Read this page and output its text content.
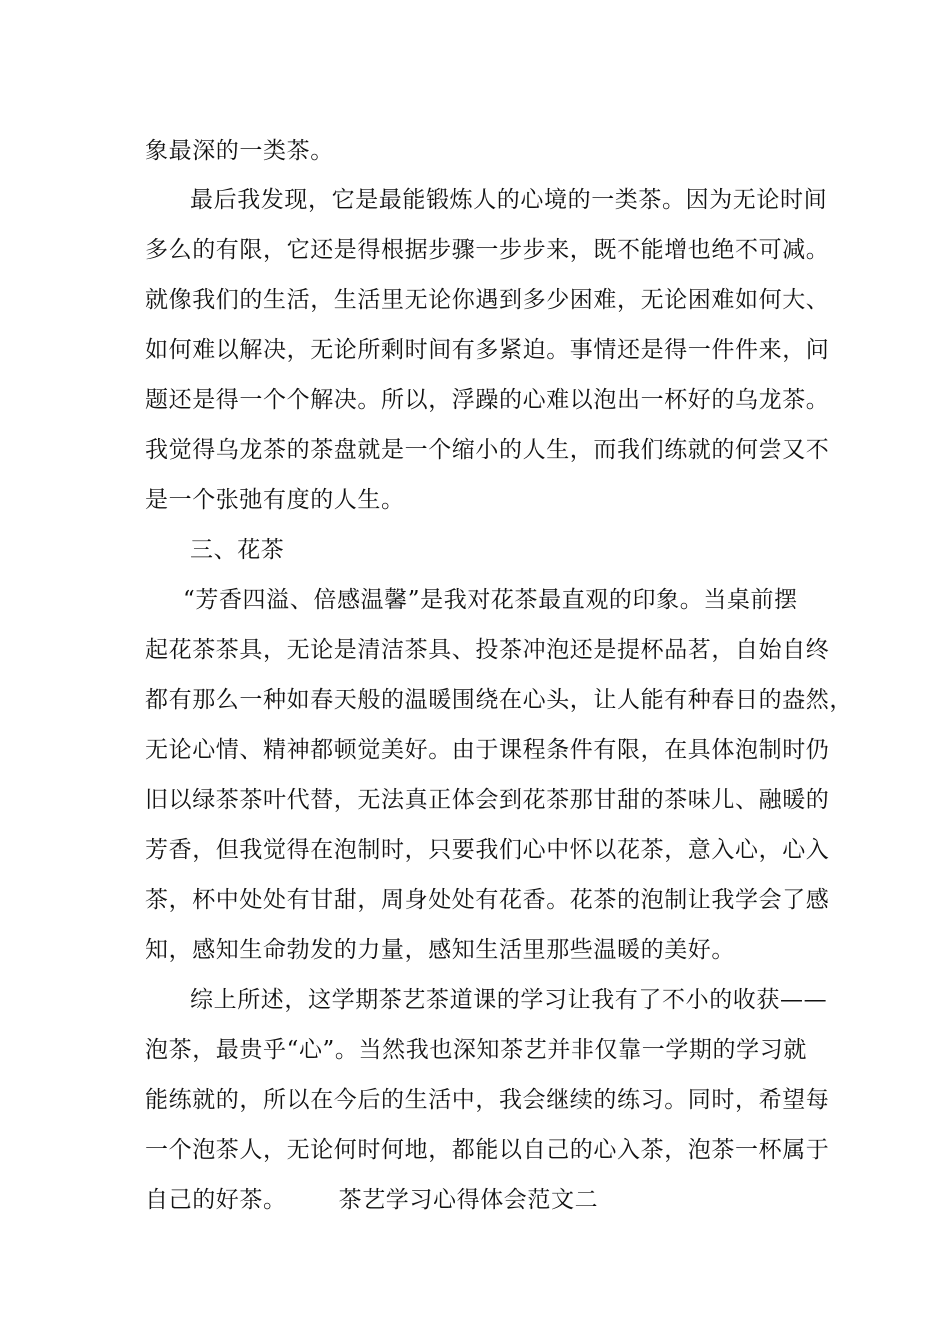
象最深的一类茶。
最后我发现，它是最能锻炼人的心境的一类茶。因为无论时间
多么的有限，它还是得根据步骤一步步来，既不能增也绝不可减。
就像我们的生活，生活里无论你遇到多少困难，无论困难如何大、
如何难以解决，无论所剩时间有多紧迫。事情还是得一件件来，问
题还是得一个个解决。所以，浮躁的心难以泡出一杯好的乌龙茶。
我觉得乌龙茶的茶盘就是一个缩小的人生，而我们练就的何尝又不
是一个张弛有度的人生。
三、花茶
“芳香四溢、倍感温馨”是我对花茶最直观的印象。当桌前摆
起花茶茶具，无论是清洁茶具、投茶冲泡还是提杯品茗，自始自终
都有那么一种如春天般的温暖围绕在心头，让人能有种春日的盎然，
无论心情、精神都顿觉美好。由于课程条件有限，在具体泡制时仍
旧以绿茶茶叶代替，无法真正体会到花茶那甘甜的茶味儿、融暖的
芳香，但我觉得在泡制时，只要我们心中怀以花茶，意入心，心入
茶，杯中处处有甘甜，周身处处有花香。花茶的泡制让我学会了感
知，感知生命勃发的力量，感知生活里那些温暖的美好。
综上所述，这学期茶艺茶道课的学习让我有了不小的收获——
泡茶，最贵乎“心”。当然我也深知茶艺并非仅靠一学期的学习就
能练就的，所以在今后的生活中，我会继续的练习。同时，希望每
一个泡茶人，无论何时何地，都能以自己的心入茶，泡茶一杯属于
自己的好茶。 茶艺学习心得体会范文二
